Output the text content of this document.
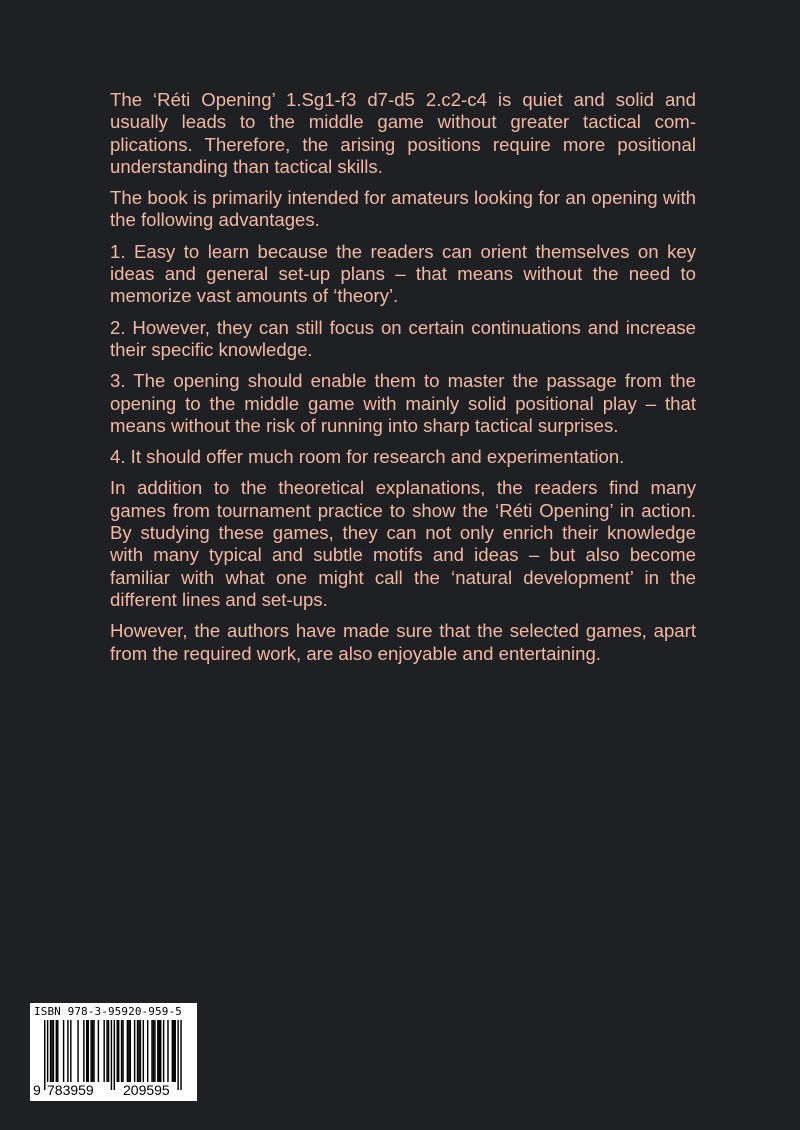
The ‘Réti Opening’ 1.Sg1-f3 d7-d5 2.c2-c4 is quiet and solid and usually leads to the middle game without greater tactical com-plications. Therefore, the arising positions require more positional understanding than tactical skills.

The book is primarily intended for amateurs looking for an opening with the following advantages.

1. Easy to learn because the readers can orient themselves on key ideas and general set-up plans – that means without the need to memorize vast amounts of ‘theory’.

2. However, they can still focus on certain continuations and increase their specific knowledge.

3. The opening should enable them to master the passage from the opening to the middle game with mainly solid positional play – that means without the risk of running into sharp tactical surprises.

4. It should offer much room for research and experimentation.

In addition to the theoretical explanations, the readers find many games from tournament practice to show the ‘Réti Opening’ in action. By studying these games, they can not only enrich their knowledge with many typical and subtle motifs and ideas – but also become familiar with what one might call the ‘natural development’ in the different lines and set-ups.

However, the authors have made sure that the selected games, apart from the required work, are also enjoyable and entertaining.

ISBN 978-3-95920-959-5
9 783959 209595
